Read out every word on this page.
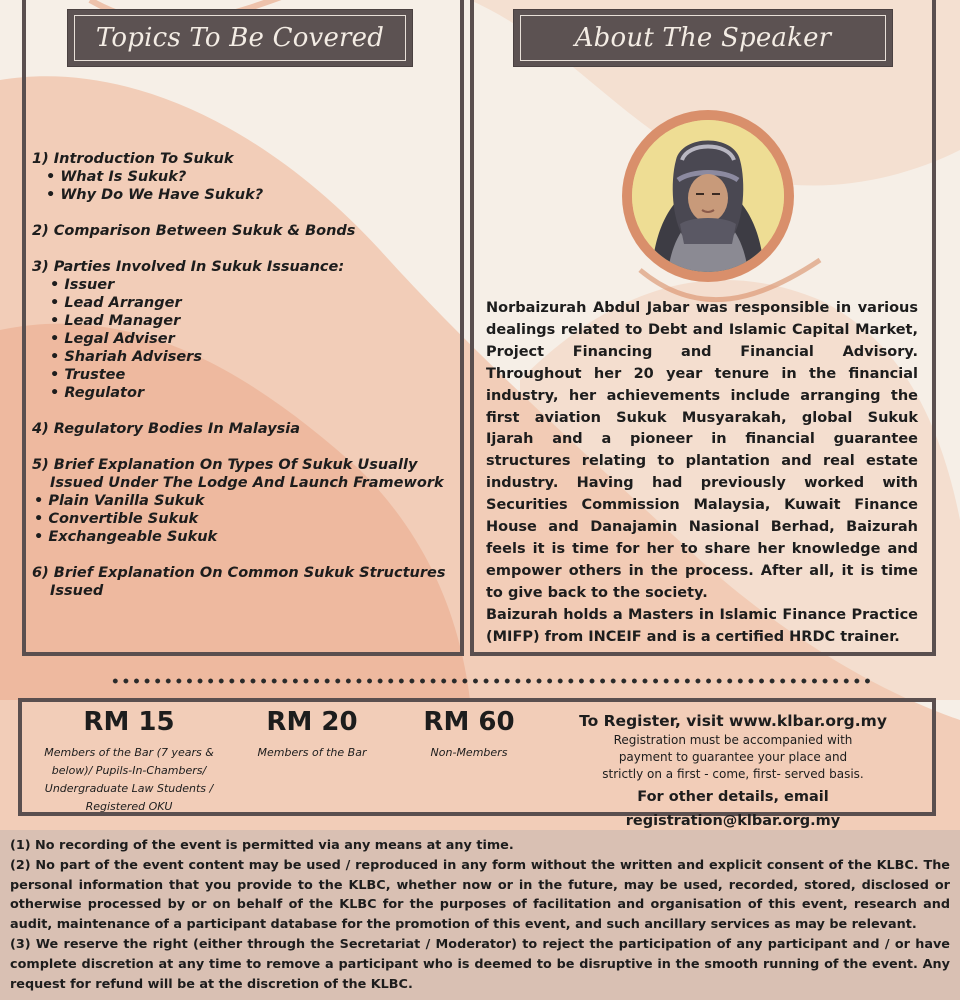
Topics To Be Covered	About The Speaker
1) Introduction To Sukuk
• What Is Sukuk?
• Why Do We Have Sukuk?
2) Comparison Between Sukuk & Bonds
3) Parties Involved In Sukuk Issuance:
• Issuer
• Lead Arranger
• Lead Manager
• Legal Adviser
• Shariah Advisers
• Trustee
• Regulator
4) Regulatory Bodies In Malaysia
5) Brief Explanation On Types Of Sukuk Usually
Issued Under The Lodge And Launch Framework
• Plain Vanilla Sukuk
• Convertible Sukuk
• Exchangeable Sukuk
6) Brief Explanation On Common Sukuk Structures
Issued

Norbaizurah Abdul Jabar was responsible in various dealings related to Debt and Islamic Capital Market, Project Financing and Financial Advisory. Throughout her 20 year tenure in the financial industry, her achievements include arranging the first aviation Sukuk Musyarakah, global Sukuk Ijarah and a pioneer in financial guarantee structures relating to plantation and real estate industry. Having had previously worked with Securities Commission Malaysia, Kuwait Finance House and Danajamin Nasional Berhad, Baizurah feels it is time for her to share her knowledge and empower others in the process. After all, it is time to give back to the society.

Baizurah holds a Masters in Islamic Finance Practice (MIFP) from INCEIF and is a certified HRDC trainer.

RM 15
Members of the Bar (7 years & below)/ Pupils-In-Chambers/ Undergraduate Law Students / Registered OKU
RM 20
Members of the Bar
RM 60
Non-Members
To Register, visit www.klbar.org.my
Registration must be accompanied with
payment to guarantee your place and
strictly on a first - come, first- served basis.
For other details, email registration@klbar.org.my

(1) No recording of the event is permitted via any means at any time.

(2) No part of the event content may be used / reproduced in any form without the written and explicit consent of the KLBC. The personal information that you provide to the KLBC, whether now or in the future, may be used, recorded, stored, disclosed or otherwise processed by or on behalf of the KLBC for the purposes of facilitation and organisation of this event, research and audit, maintenance of a participant database for the promotion of this event, and such ancillary services as may be relevant.

(3) We reserve the right (either through the Secretariat / Moderator) to reject the participation of any participant and / or have complete discretion at any time to remove a participant who is deemed to be disruptive in the smooth running of the event. Any request for refund will be at the discretion of the KLBC.
